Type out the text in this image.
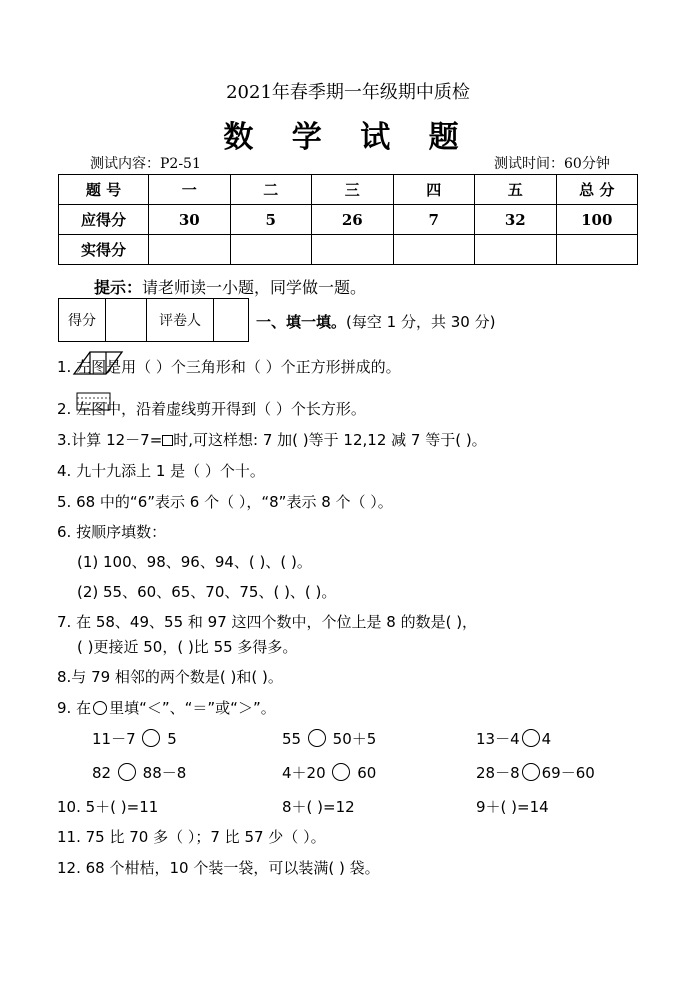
2021年春季期一年级期中质检
数 学 试 题
测试内容：P2-51	测试时间：60分钟
题 号	一	二	三	四	五	总 分
应得分	30	5	26	7	32	100
实得分						
提示：请老师读一小题，同学做一题。
得分		评卷人		一、填一填。(每空 1 分，共 30 分)
1. 左图是用（ ）个三角形和（ ）个正方形拼成的。
2. 左图中，沿着虚线剪开得到（ ）个长方形。
3.计算 12－7= 时,可这样想: 7 加( )等于 12,12 减 7 等于( )。
4. 九十九添上 1 是（ ）个十。
5. 68 中的“6”表示 6 个（ ），“8”表示 8 个（ ）。
6. 按顺序填数：
(1) 100、98、96、94、( )、( )。
(2) 55、60、65、70、75、( )、( )。
7. 在 58、49、55 和 97 这四个数中，个位上是 8 的数是( )，
( )更接近 50，( )比 55 多得多。
8.与 79 相邻的两个数是( )和( )。
9. 在 里填“＜”、“＝”或“＞”。
11－7 5	55 50＋5	13－4 4
82 88－8	4＋20 60	28－8 69－60
10. 5＋( )=11	8＋( )=12	9＋( )=14
11. 75 比 70 多（ ）；7 比 57 少（ ）。
12. 68 个柑桔，10 个装一袋，可以装满( ) 袋。
